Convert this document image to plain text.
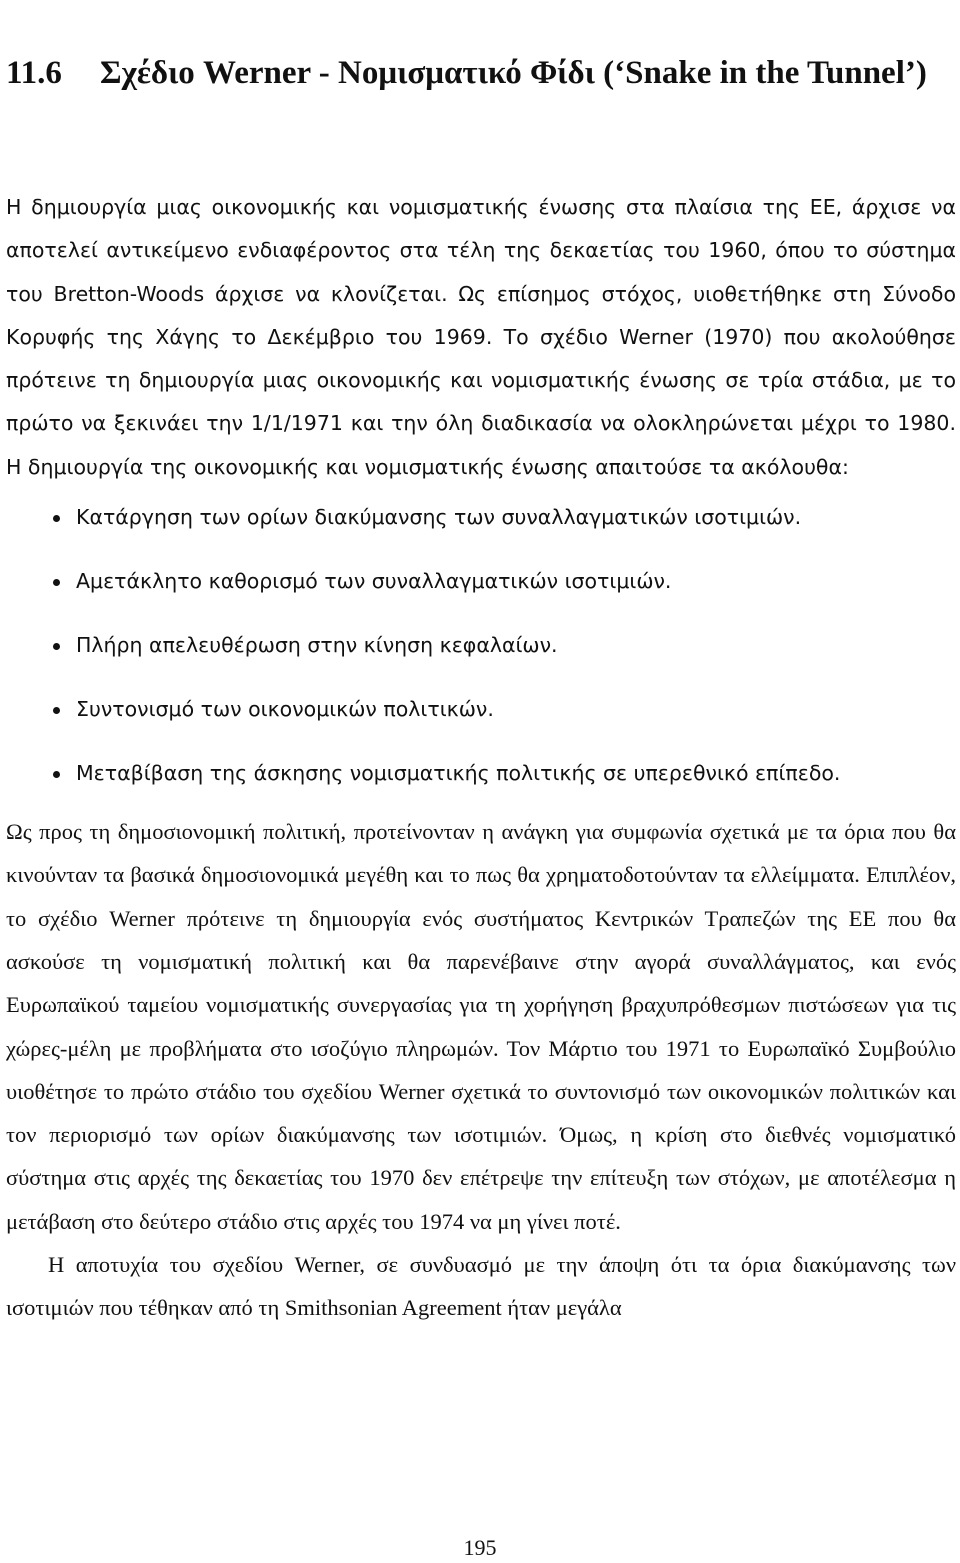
11.6 Σχέδιο Werner - Νομισματικό Φίδι (‘Snake in the Tunnel’)

Η δημιουργία μιας οικονομικής και νομισματικής ένωσης στα πλαίσια της ΕΕ, άρχισε να αποτελεί αντικείμενο ενδιαφέροντος στα τέλη της δεκαετίας του 1960, όπου το σύστημα του Bretton-Woods άρχισε να κλονίζεται. Ως επίσημος στόχος, υιοθετήθηκε στη Σύνοδο Κορυφής της Χάγης το Δεκέμβριο του 1969. Το σχέδιο Werner (1970) που ακολούθησε πρότεινε τη δημιουργία μιας οικονομικής και νομισματικής ένωσης σε τρία στάδια, με το πρώτο να ξεκινάει την 1/1/1971 και την όλη διαδικασία να ολοκληρώνεται μέχρι το 1980. Η δημιουργία της οικονομικής και νομισματικής ένωσης απαιτούσε τα ακόλουθα:

Κατάργηση των ορίων διακύμανσης των συναλλαγματικών ισοτιμιών.
Αμετάκλητο καθορισμό των συναλλαγματικών ισοτιμιών.
Πλήρη απελευθέρωση στην κίνηση κεφαλαίων.
Συντονισμό των οικονομικών πολιτικών.
Μεταβίβαση της άσκησης νομισματικής πολιτικής σε υπερεθνικό επίπεδο.

Ως προς τη δημοσιονομική πολιτική, προτείνονταν η ανάγκη για συμφωνία σχετικά με τα όρια που θα κινούνταν τα βασικά δημοσιονομικά μεγέθη και το πως θα χρηματοδοτούνταν τα ελλείμματα. Επιπλέον, το σχέδιο Werner πρότεινε τη δημιουργία ενός συστήματος Κεντρικών Τραπεζών της ΕΕ που θα ασκούσε τη νομισματική πολιτική και θα παρενέβαινε στην αγορά συναλλάγματος, και ενός Ευρωπαϊκού ταμείου νομισματικής συνεργασίας για τη χορήγηση βραχυπρόθεσμων πιστώσεων για τις χώρες-μέλη με προβλήματα στο ισοζύγιο πληρωμών. Τον Μάρτιο του 1971 το Ευρωπαϊκό Συμβούλιο υιοθέτησε το πρώτο στάδιο του σχεδίου Werner σχετικά το συντονισμό των οικονομικών πολιτικών και τον περιορισμό των ορίων διακύμανσης των ισοτιμιών. Όμως, η κρίση στο διεθνές νομισματικό σύστημα στις αρχές της δεκαετίας του 1970 δεν επέτρεψε την επίτευξη των στόχων, με αποτέλεσμα η μετάβαση στο δεύτερο στάδιο στις αρχές του 1974 να μη γίνει ποτέ.

Η αποτυχία του σχεδίου Werner, σε συνδυασμό με την άποψη ότι τα όρια διακύμανσης των ισοτιμιών που τέθηκαν από τη Smithsonian Agreement ήταν μεγάλα

195
